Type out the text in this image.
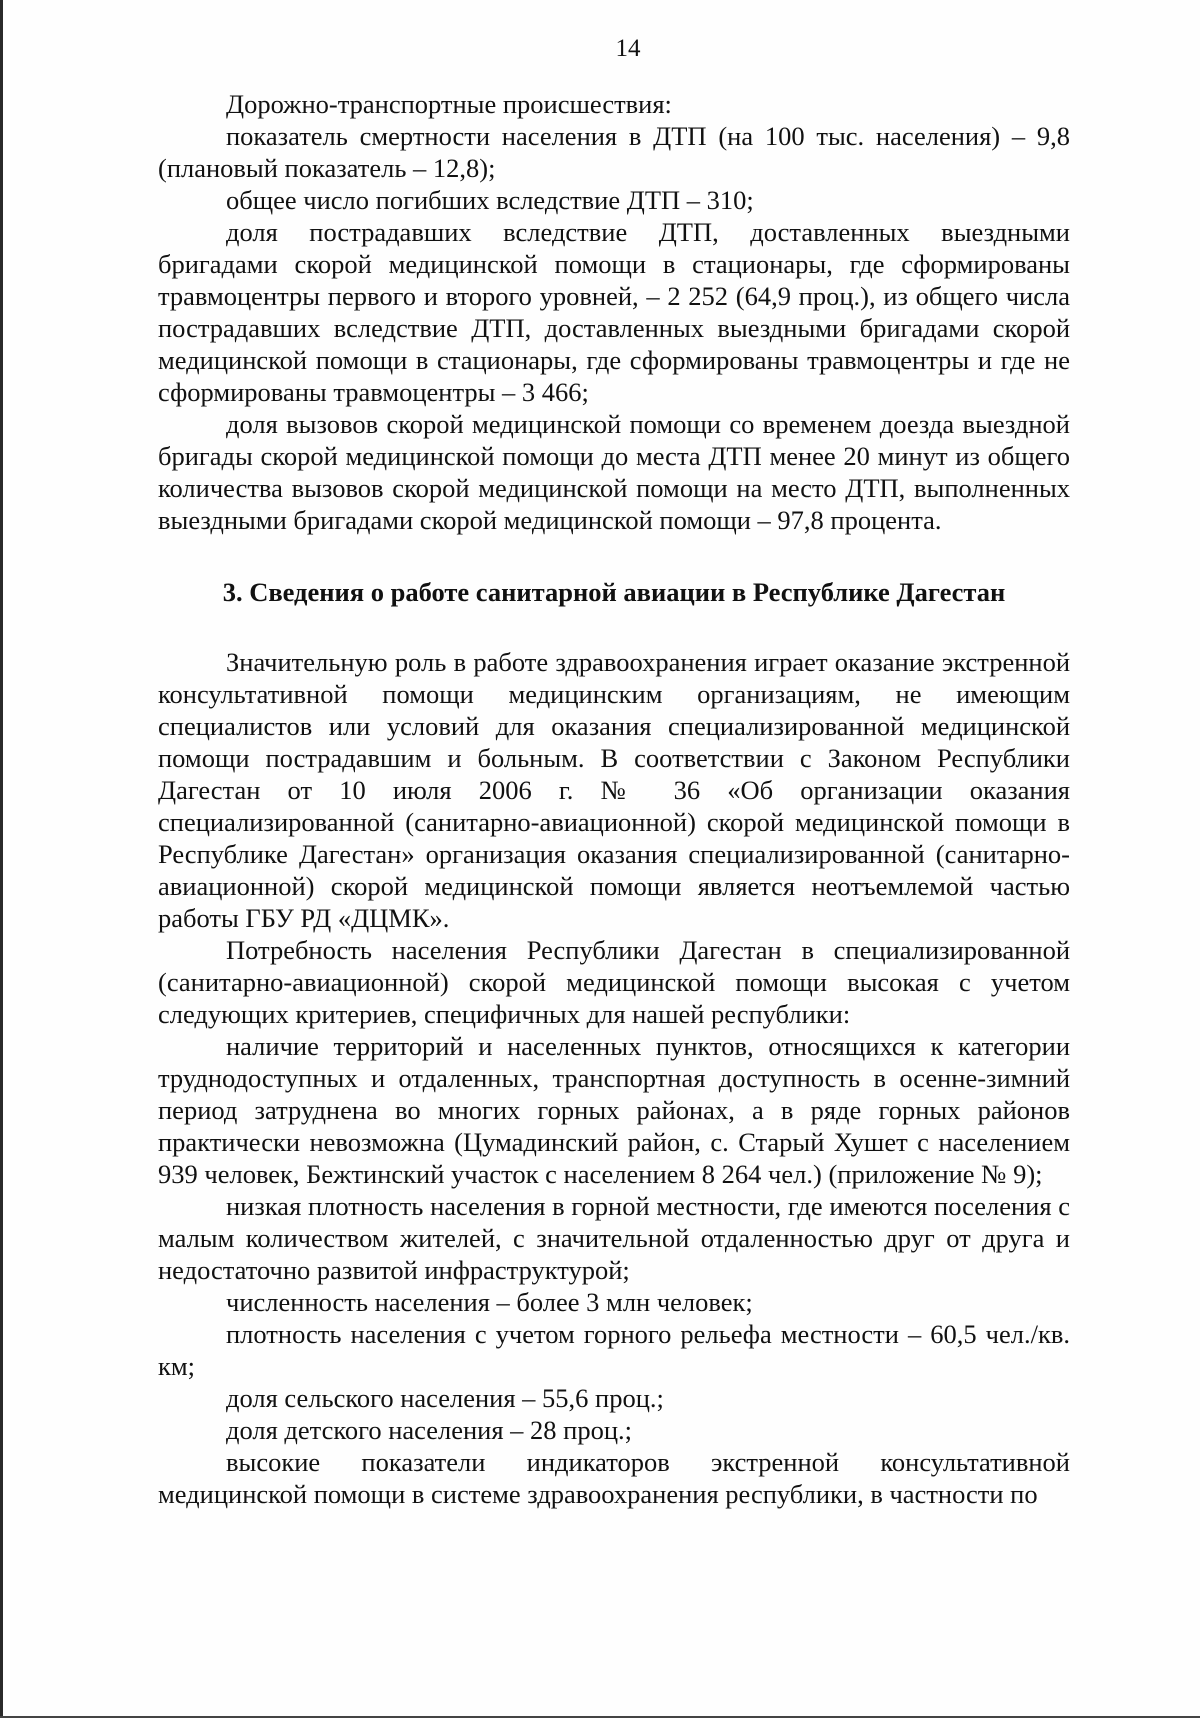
14

Дорожно-транспортные происшествия:

показатель смертности населения в ДТП (на 100 тыс. населения) – 9,8 (плановый показатель – 12,8);

общее число погибших вследствие ДТП – 310;

доля пострадавших вследствие ДТП, доставленных выездными бригадами скорой медицинской помощи в стационары, где сформированы травмоцентры первого и второго уровней, – 2 252 (64,9 проц.), из общего числа пострадавших вследствие ДТП, доставленных выездными бригадами скорой медицинской помощи в стационары, где сформированы травмоцентры и где не сформированы травмоцентры – 3 466;

доля вызовов скорой медицинской помощи со временем доезда выездной бригады скорой медицинской помощи до места ДТП менее 20 минут из общего количества вызовов скорой медицинской помощи на место ДТП, выполненных выездными бригадами скорой медицинской помощи – 97,8 процента.

3. Сведения о работе санитарной авиации в Республике Дагестан

Значительную роль в работе здравоохранения играет оказание экстренной консультативной помощи медицинским организациям, не имеющим специалистов или условий для оказания специализированной медицинской помощи пострадавшим и больным. В соответствии с Законом Республики Дагестан от 10 июля 2006 г. № 36 «Об организации оказания специализированной (санитарно-авиационной) скорой медицинской помощи в Республике Дагестан» организация оказания специализированной (санитарно-авиационной) скорой медицинской помощи является неотъемлемой частью работы ГБУ РД «ДЦМК».

Потребность населения Республики Дагестан в специализированной (санитарно-авиационной) скорой медицинской помощи высокая с учетом следующих критериев, специфичных для нашей республики:

наличие территорий и населенных пунктов, относящихся к категории труднодоступных и отдаленных, транспортная доступность в осенне-зимний период затруднена во многих горных районах, а в ряде горных районов практически невозможна (Цумадинский район, с. Старый Хушет с населением 939 человек, Бежтинский участок с населением 8 264 чел.) (приложение № 9);

низкая плотность населения в горной местности, где имеются поселения с малым количеством жителей, с значительной отдаленностью друг от друга и недостаточно развитой инфраструктурой;

численность населения – более 3 млн человек;

плотность населения с учетом горного рельефа местности – 60,5 чел./кв. км;

доля сельского населения – 55,6 проц.;

доля детского населения – 28 проц.;

высокие показатели индикаторов экстренной консультативной медицинской помощи в системе здравоохранения республики, в частности по
